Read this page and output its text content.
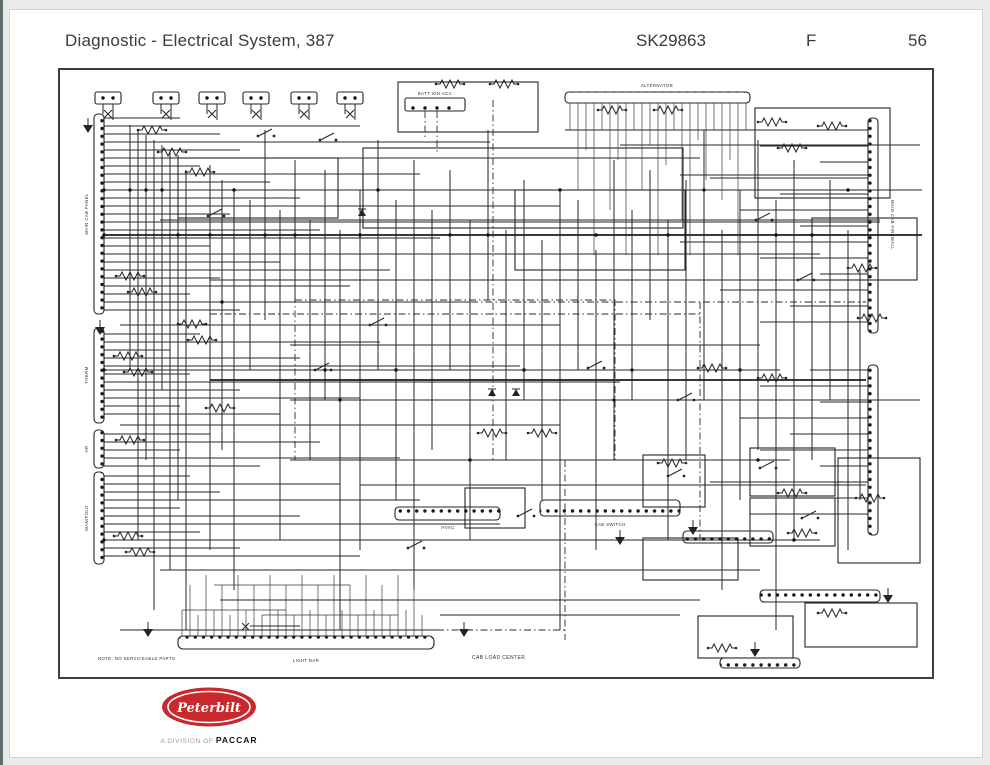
Diagnostic - Electrical System, 387	SK29863	F	56
MAIN CAB PANEL
THERM
HR
MANIFOLD
MAIN CAB FIREWALL
BATT IGN ACC
ALTERNATOR
HVAC
CAB SWITCH
LIGHT BAR
NOTE: NO SERVICEABLE PARTS	CAB LOAD CENTER
Peterbilt
A DIVISION OF PACCAR
